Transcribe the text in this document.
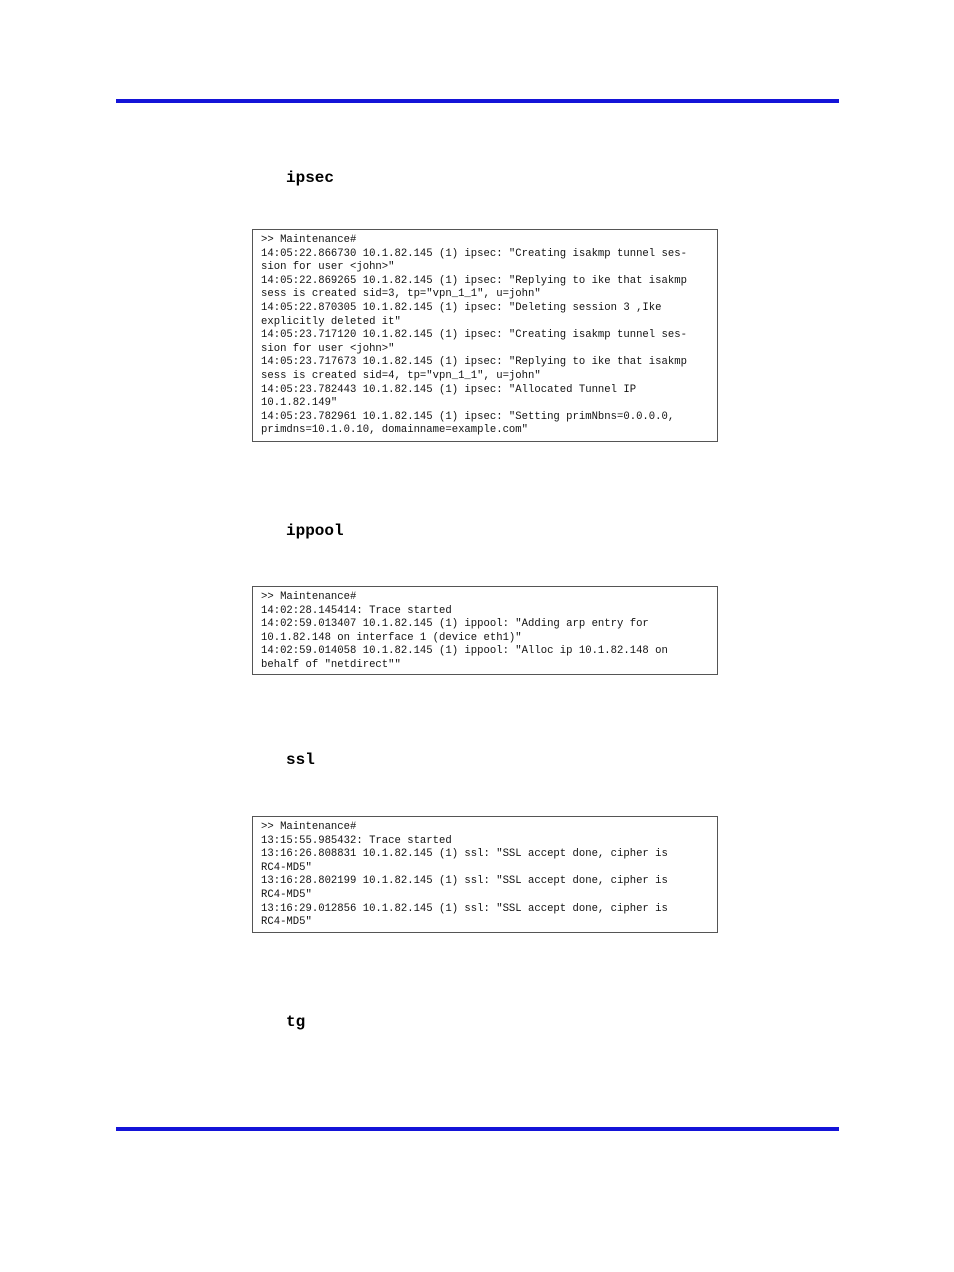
ipsec
>> Maintenance#
14:05:22.866730 10.1.82.145 (1) ipsec: "Creating isakmp tunnel ses-
sion for user <john>"
14:05:22.869265 10.1.82.145 (1) ipsec: "Replying to ike that isakmp
sess is created sid=3, tp="vpn_1_1", u=john"
14:05:22.870305 10.1.82.145 (1) ipsec: "Deleting session 3 ,Ike
explicitly deleted it"
14:05:23.717120 10.1.82.145 (1) ipsec: "Creating isakmp tunnel ses-
sion for user <john>"
14:05:23.717673 10.1.82.145 (1) ipsec: "Replying to ike that isakmp
sess is created sid=4, tp="vpn_1_1", u=john"
14:05:23.782443 10.1.82.145 (1) ipsec: "Allocated Tunnel IP
10.1.82.149"
14:05:23.782961 10.1.82.145 (1) ipsec: "Setting primNbns=0.0.0.0,
primdns=10.1.0.10, domainname=example.com"
ippool
>> Maintenance#
14:02:28.145414: Trace started
14:02:59.013407 10.1.82.145 (1) ippool: "Adding arp entry for
10.1.82.148 on interface 1 (device eth1)"
14:02:59.014058 10.1.82.145 (1) ippool: "Alloc ip 10.1.82.148 on
behalf of "netdirect""
ssl
>> Maintenance#
13:15:55.985432: Trace started
13:16:26.808831 10.1.82.145 (1) ssl: "SSL accept done, cipher is
RC4-MD5"
13:16:28.802199 10.1.82.145 (1) ssl: "SSL accept done, cipher is
RC4-MD5"
13:16:29.012856 10.1.82.145 (1) ssl: "SSL accept done, cipher is
RC4-MD5"
tg
